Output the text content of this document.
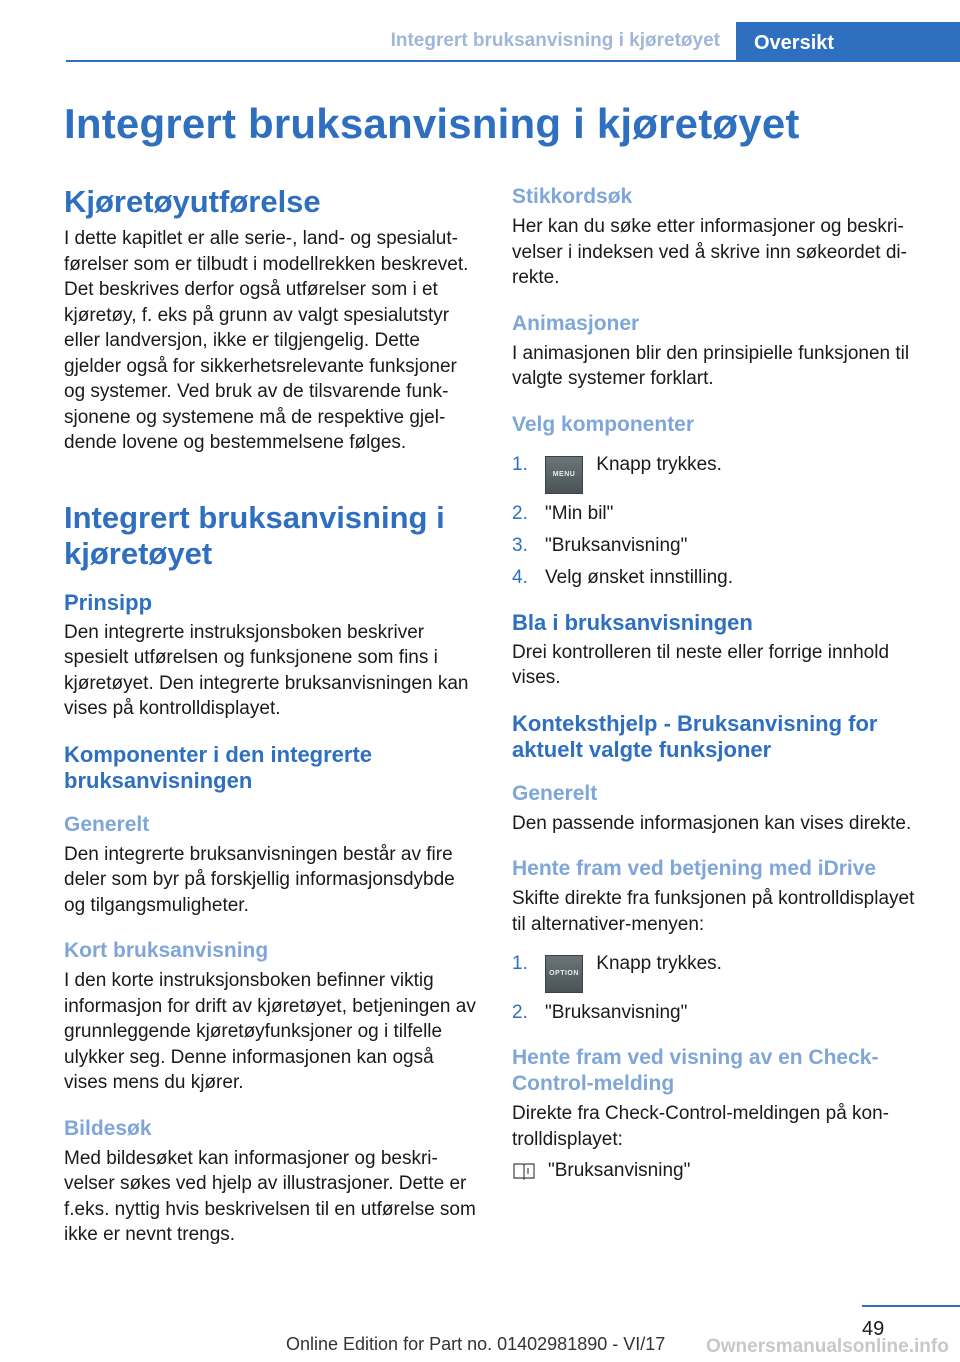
Integrert bruksanvisning i kjøretøyet	Oversikt
Integrert bruksanvisning i kjøretøyet
Kjøretøyutførelse

I dette kapitlet er alle serie-, land- og spesialutførelser som er tilbudt i modellrekken beskrevet. Det beskrives derfor også utførelser som i et kjøretøy, f. eks på grunn av valgt spesialutstyr eller landversjon, ikke er tilgjengelig. Dette gjelder også for sikkerhetsrelevante funksjoner og systemer. Ved bruk av de tilsvarende funksjonene og systemene må de respektive gjeldende lovene og bestemmelsene følges.

Integrert bruksanvisning i kjøretøyet
Prinsipp

Den integrerte instruksjonsboken beskriver spesielt utførelsen og funksjonene som fins i kjøretøyet. Den integrerte bruksanvisningen kan vises på kontrolldisplayet.

Komponenter i den integrerte bruksanvisningen
Generelt

Den integrerte bruksanvisningen består av fire deler som byr på forskjellig informasjonsdybde og tilgangsmuligheter.

Kort bruksanvisning

I den korte instruksjonsboken befinner viktig informasjon for drift av kjøretøyet, betjeningen av grunnleggende kjøretøyfunksjoner og i tilfelle ulykker seg. Denne informasjonen kan også vises mens du kjører.

Bildesøk

Med bildesøket kan informasjoner og beskrivelser søkes ved hjelp av illustrasjoner. Dette er f.eks. nyttig hvis beskrivelsen til en utførelse som ikke er nevnt trengs.

Stikkordsøk

Her kan du søke etter informasjoner og beskrivelser i indeksen ved å skrive inn søkeordet direkte.

Animasjoner

I animasjonen blir den prinsipielle funksjonen til valgte systemer forklart.

Velg komponenter
1.	MENU Knapp trykkes.
2. "Min bil"
3. "Bruksanvisning"
4. Velg ønsket innstilling.
Bla i bruksanvisningen

Drei kontrolleren til neste eller forrige innhold vises.

Konteksthjelp - Bruksanvisning for aktuelt valgte funksjoner
Generelt

Den passende informasjonen kan vises direkte.

Hente fram ved betjening med iDrive

Skifte direkte fra funksjonen på kontrolldisplayet til alternativer-menyen:

1.	OPTION Knapp trykkes.
2. "Bruksanvisning"
Hente fram ved visning av en Check-Control-melding

Direkte fra Check-Control-meldingen på kontrolldisplayet:

"Bruksanvisning"
49
Online Edition for Part no. 01402981890 - VI/17 Ownersmanualsonline.info
